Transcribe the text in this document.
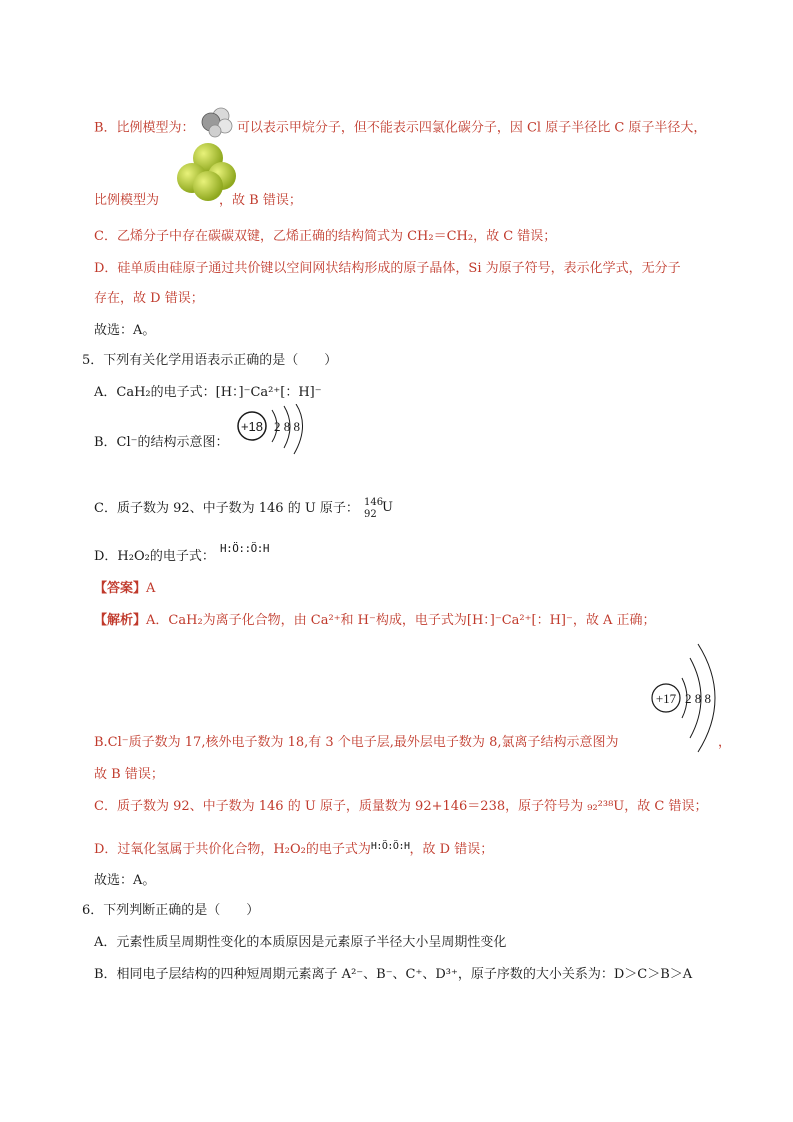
B．比例模型为：	可以表示甲烷分子，但不能表示四氯化碳分子，因 Cl 原子半径比 C 原子半径大，
比例模型为	，故 B 错误；
C．乙烯分子中存在碳碳双键，乙烯正确的结构简式为 CH₂＝CH₂，故 C 错误；
D．硅单质由硅原子通过共价键以空间网状结构形成的原子晶体，Si 为原子符号，表示化学式，无分子
存在，故 D 错误；
故选：A。
5．下列有关化学用语表示正确的是（　　）
A．CaH₂的电子式：[H：]⁻Ca²⁺[：H]⁻
+18 2 8 8
B．Cl⁻的结构示意图：
C．质子数为 92、中子数为 146 的 U 原子： 146
92 U
D．H₂O₂的电子式：
H:Ö::Ö:H
【答案】A
【解析】A．CaH₂为离子化合物，由 Ca²⁺和 H⁻构成，电子式为[H：]⁻Ca²⁺[：H]⁻，故 A 正确；
+17 2 8 8
B.Cl⁻质子数为 17,核外电子数为 18,有 3 个电子层,最外层电子数为 8,氯离子结构示意图为	，
故 B 错误；
C．质子数为 92、中子数为 146 的 U 原子，质量数为 92+146＝238，原子符号为 ₉₂²³⁸U，故 C 错误；
D．过氧化氢属于共价化合物，H₂O₂的电子式为$^{H:Ö:Ö:H}$，故 D 错误；
故选：A。
6．下列判断正确的是（　　）
A．元素性质呈周期性变化的本质原因是元素原子半径大小呈周期性变化
B．相同电子层结构的四种短周期元素离子 A²⁻、B⁻、C⁺、D³⁺，原子序数的大小关系为：D＞C＞B＞A
